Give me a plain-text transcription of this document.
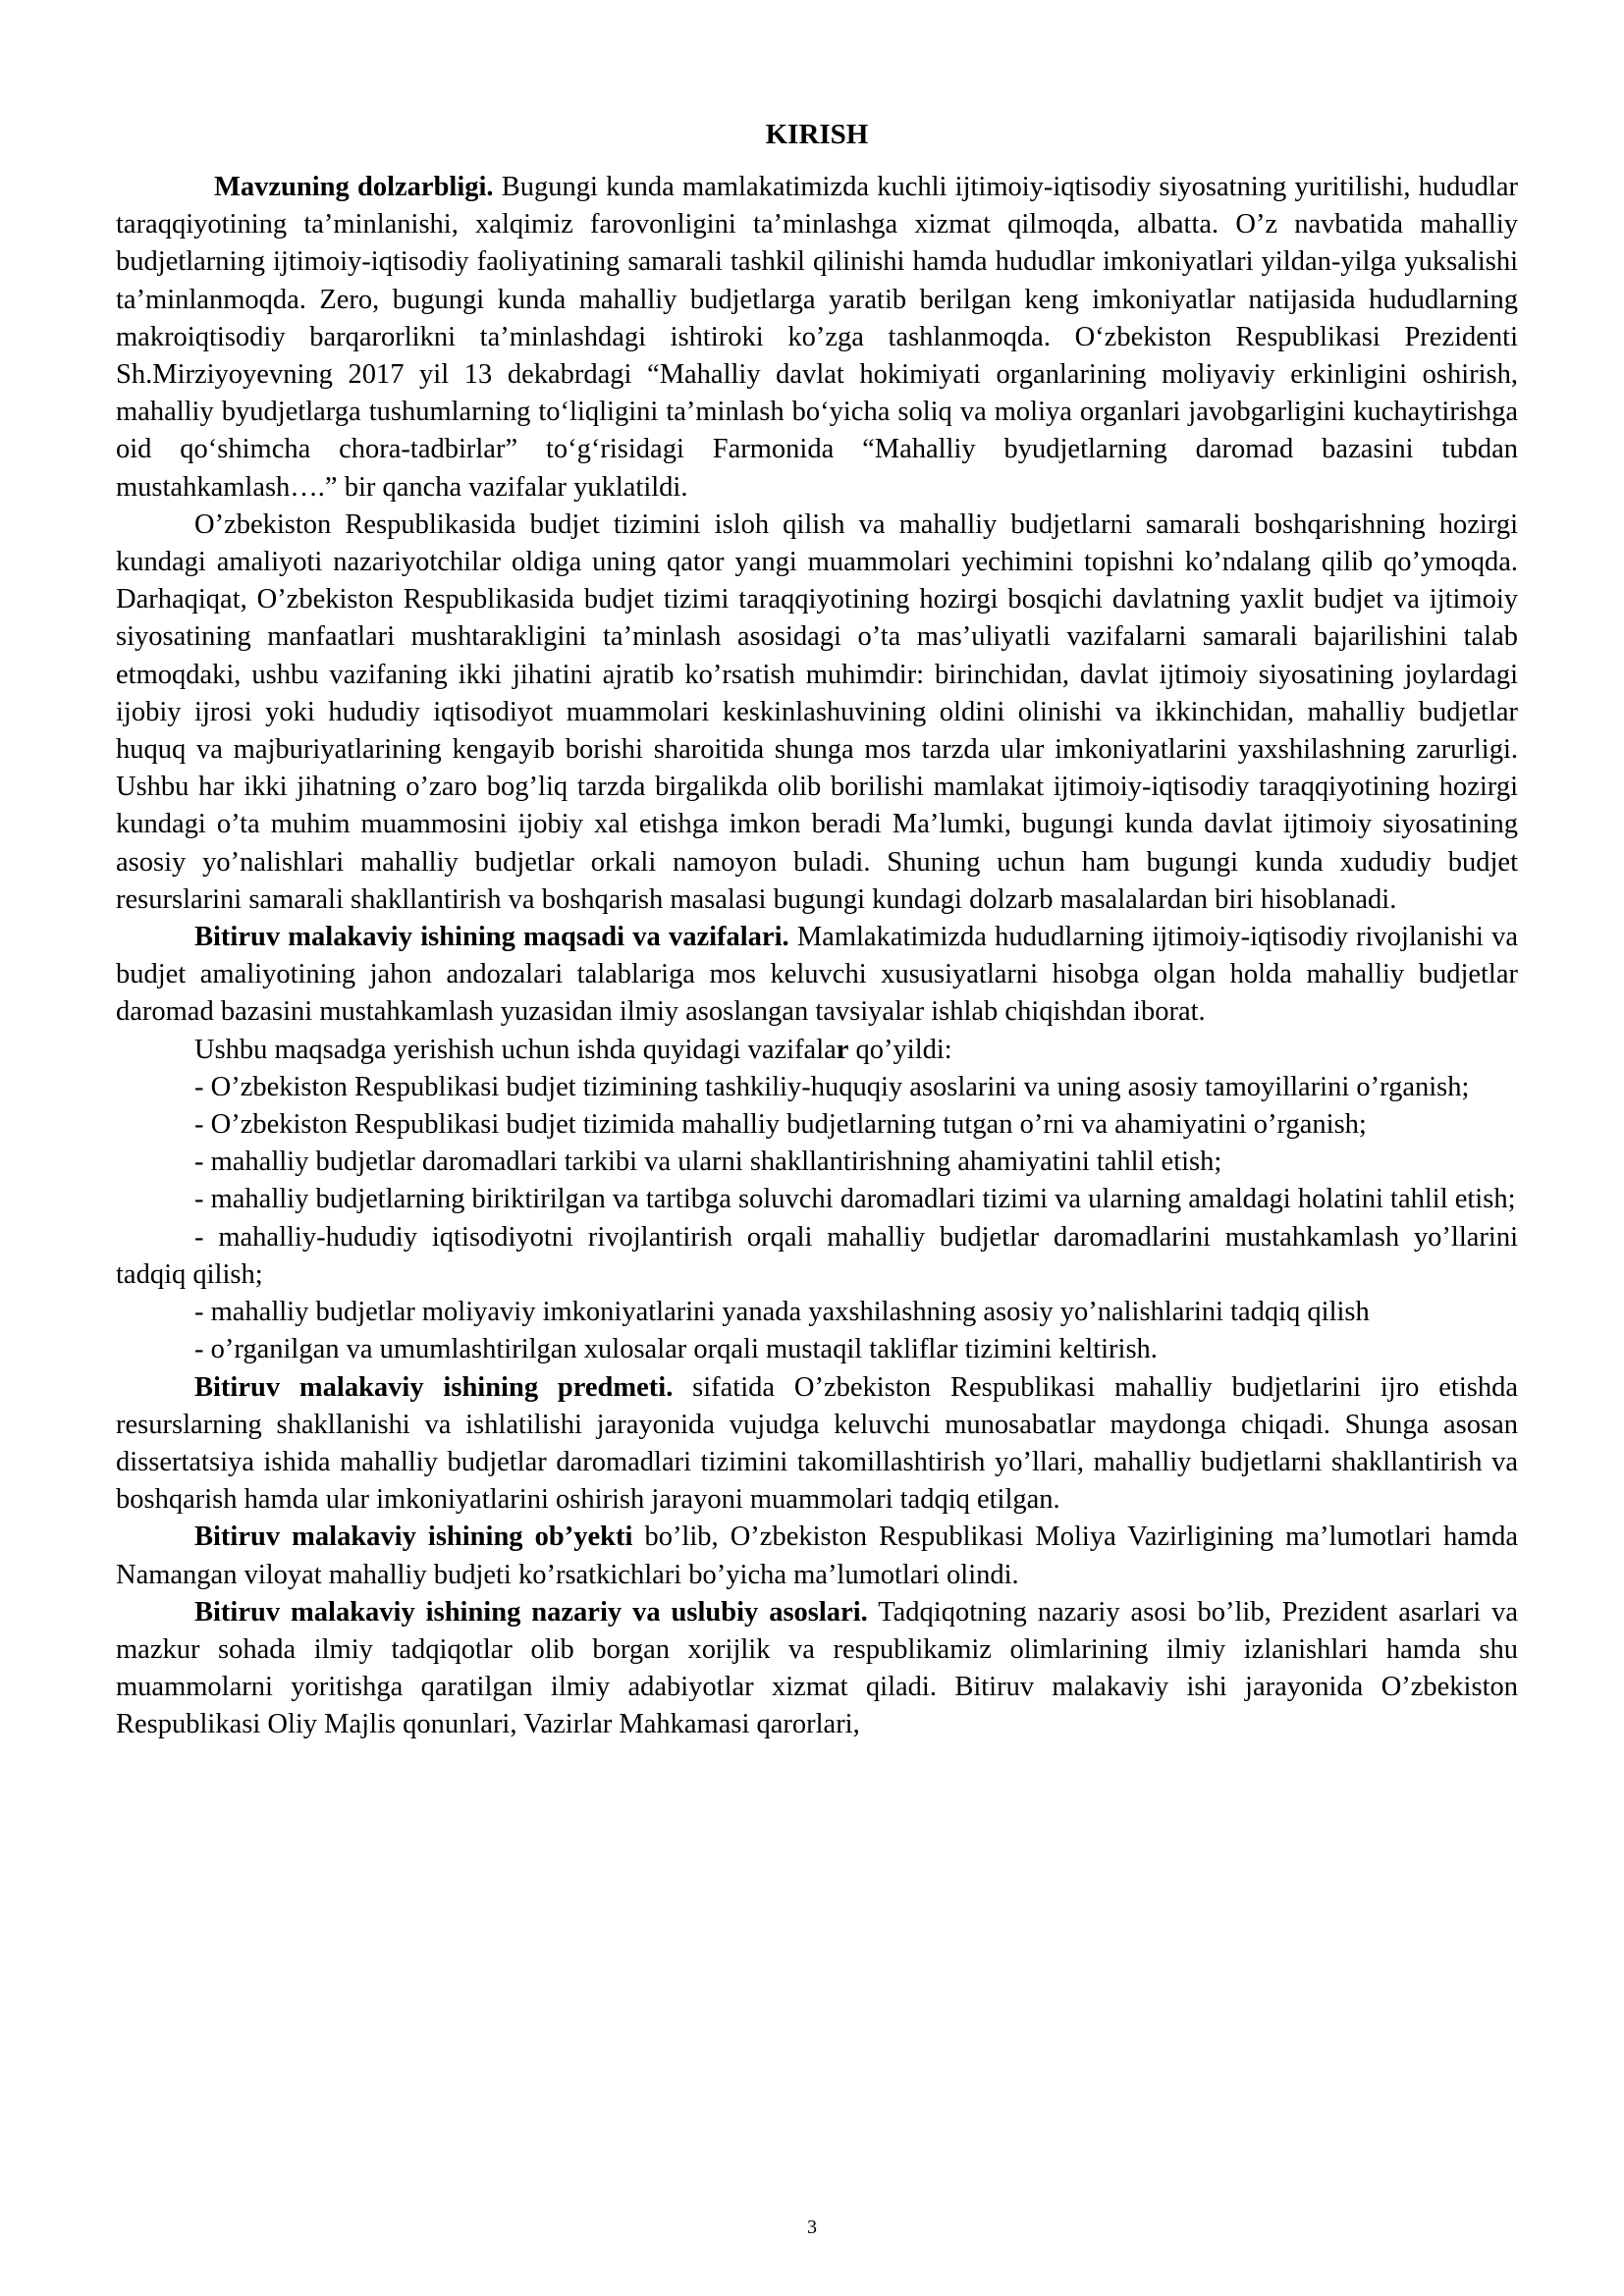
KIRISH

Mavzuning dolzarbligi. Bugungi kunda mamlakatimizda kuchli ijtimoiy-iqtisodiy siyosatning yuritilishi, hududlar taraqqiyotining ta’minlanishi, xalqimiz farovonligini ta’minlashga xizmat qilmoqda, albatta. O’z navbatida mahalliy budjetlarning ijtimoiy-iqtisodiy faoliyatining samarali tashkil qilinishi hamda hududlar imkoniyatlari yildan-yilga yuksalishi ta’minlanmoqda. Zero, bugungi kunda mahalliy budjetlarga yaratib berilgan keng imkoniyatlar natijasida hududlarning makroiqtisodiy barqarorlikni ta’minlashdagi ishtiroki ko’zga tashlanmoqda. O‘zbekiston Respublikasi Prezidenti Sh.Mirziyoyevning 2017 yil 13 dekabrdagi “Mahalliy davlat hokimiyati organlarining moliyaviy erkinligini oshirish, mahalliy byudjetlarga tushumlarning to‘liqligini ta’minlash bo‘yicha soliq va moliya organlari javobgarligini kuchaytirishga oid qo‘shimcha chora-tadbirlar” to‘g‘risidagi Farmonida “Mahalliy byudjetlarning daromad bazasini tubdan mustahkamlash….” bir qancha vazifalar yuklatildi.

O’zbekiston Respublikasida budjet tizimini isloh qilish va mahalliy budjetlarni samarali boshqarishning hozirgi kundagi amaliyoti nazariyotchilar oldiga uning qator yangi muammolari yechimini topishni ko’ndalang qilib qo’ymoqda. Darhaqiqat, O’zbekiston Respublikasida budjet tizimi taraqqiyotining hozirgi bosqichi davlatning yaxlit budjet va ijtimoiy siyosatining manfaatlari mushtarakligini ta’minlash asosidagi o’ta mas’uliyatli vazifalarni samarali bajarilishini talab etmoqdaki, ushbu vazifaning ikki jihatini ajratib ko’rsatish muhimdir: birinchidan, davlat ijtimoiy siyosatining joylardagi ijobiy ijrosi yoki hududiy iqtisodiyot muammolari keskinlashuvining oldini olinishi va ikkinchidan, mahalliy budjetlar huquq va majburiyatlarining kengayib borishi sharoitida shunga mos tarzda ular imkoniyatlarini yaxshilashning zarurligi. Ushbu har ikki jihatning o’zaro bog’liq tarzda birgalikda olib borilishi mamlakat ijtimoiy-iqtisodiy taraqqiyotining hozirgi kundagi o’ta muhim muammosini ijobiy xal etishga imkon beradi Ma’lumki, bugungi kunda davlat ijtimoiy siyosatining asosiy yo’nalishlari mahalliy budjetlar orkali namoyon buladi. Shuning uchun ham bugungi kunda xududiy budjet resurslarini samarali shakllantirish va boshqarish masalasi bugungi kundagi dolzarb masalalardan biri hisoblanadi.

Bitiruv malakaviy ishining maqsadi va vazifalari. Mamlakatimizda hududlarning ijtimoiy-iqtisodiy rivojlanishi va budjet amaliyotining jahon andozalari talablariga mos keluvchi xususiyatlarni hisobga olgan holda mahalliy budjetlar daromad bazasini mustahkamlash yuzasidan ilmiy asoslangan tavsiyalar ishlab chiqishdan iborat.

Ushbu maqsadga yerishish uchun ishda quyidagi vazifalar qo’yildi:

- O’zbekiston Respublikasi budjet tizimining tashkiliy-huquqiy asoslarini va uning asosiy tamoyillarini o’rganish;

- O’zbekiston Respublikasi budjet tizimida mahalliy budjetlarning tutgan o’rni va ahamiyatini o’rganish;

- mahalliy budjetlar daromadlari tarkibi va ularni shakllantirishning ahamiyatini tahlil etish;

- mahalliy budjetlarning biriktirilgan va tartibga soluvchi daromadlari tizimi va ularning amaldagi holatini tahlil etish;

- mahalliy-hududiy iqtisodiyotni rivojlantirish orqali mahalliy budjetlar daromadlarini mustahkamlash yo’llarini tadqiq qilish;

- mahalliy budjetlar moliyaviy imkoniyatlarini yanada yaxshilashning asosiy yo’nalishlarini tadqiq qilish

- o’rganilgan va umumlashtirilgan xulosalar orqali mustaqil takliflar tizimini keltirish.

Bitiruv malakaviy ishining predmeti. sifatida O’zbekiston Respublikasi mahalliy budjetlarini ijro etishda resurslarning shakllanishi va ishlatilishi jarayonida vujudga keluvchi munosabatlar maydonga chiqadi. Shunga asosan dissertatsiya ishida mahalliy budjetlar daromadlari tizimini takomillashtirish yo’llari, mahalliy budjetlarni shakllantirish va boshqarish hamda ular imkoniyatlarini oshirish jarayoni muammolari tadqiq etilgan.

Bitiruv malakaviy ishining ob’yekti bo’lib, O’zbekiston Respublikasi Moliya Vazirligining ma’lumotlari hamda Namangan viloyat mahalliy budjeti ko’rsatkichlari bo’yicha ma’lumotlari olindi.

Bitiruv malakaviy ishining nazariy va uslubiy asoslari. Tadqiqotning nazariy asosi bo’lib, Prezident asarlari va mazkur sohada ilmiy tadqiqotlar olib borgan xorijlik va respublikamiz olimlarining ilmiy izlanishlari hamda shu muammolarni yoritishga qaratilgan ilmiy adabiyotlar xizmat qiladi. Bitiruv malakaviy ishi jarayonida O’zbekiston Respublikasi Oliy Majlis qonunlari, Vazirlar Mahkamasi qarorlari,

3
